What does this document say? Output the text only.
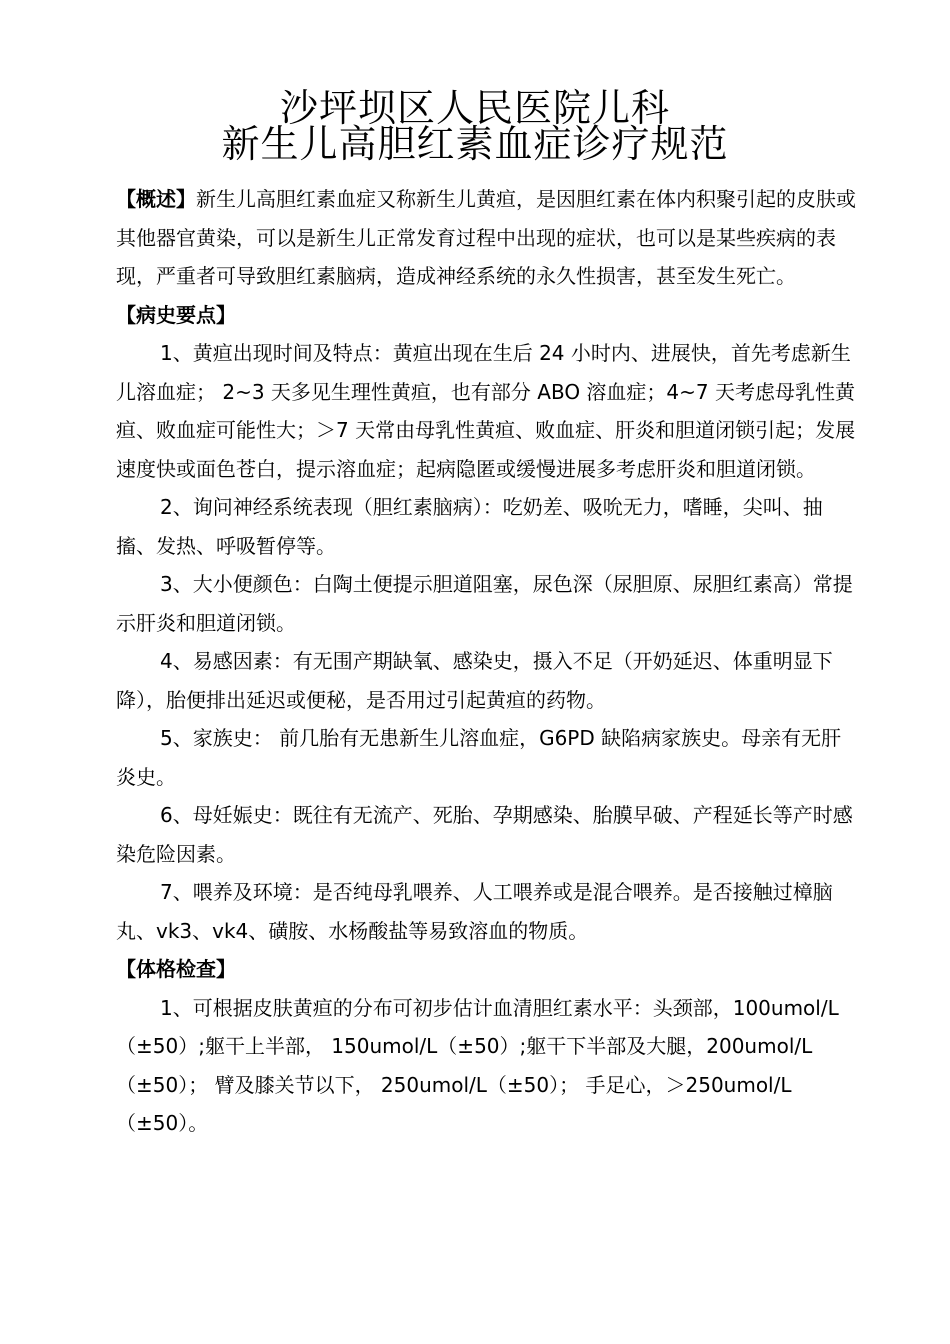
沙坪坝区人民医院儿科
新生儿高胆红素血症诊疗规范

【概述】新生儿高胆红素血症又称新生儿黄疸，是因胆红素在体内积聚引起的皮肤或其他器官黄染，可以是新生儿正常发育过程中出现的症状，也可以是某些疾病的表现，严重者可导致胆红素脑病，造成神经系统的永久性损害，甚至发生死亡。

【病史要点】

1、黄疸出现时间及特点：黄疸出现在生后 24 小时内、进展快，首先考虑新生儿溶血症； 2~3 天多见生理性黄疸，也有部分 ABO 溶血症；4~7 天考虑母乳性黄疸、败血症可能性大；＞7 天常由母乳性黄疸、败血症、肝炎和胆道闭锁引起；发展速度快或面色苍白，提示溶血症；起病隐匿或缓慢进展多考虑肝炎和胆道闭锁。

2、询问神经系统表现（胆红素脑病）：吃奶差、吸吮无力，嗜睡，尖叫、抽搐、发热、呼吸暂停等。

3、大小便颜色：白陶土便提示胆道阻塞，尿色深（尿胆原、尿胆红素高）常提示肝炎和胆道闭锁。

4、易感因素：有无围产期缺氧、感染史，摄入不足（开奶延迟、体重明显下降），胎便排出延迟或便秘，是否用过引起黄疸的药物。

5、家族史： 前几胎有无患新生儿溶血症，G6PD 缺陷病家族史。母亲有无肝炎史。

6、母妊娠史：既往有无流产、死胎、孕期感染、胎膜早破、产程延长等产时感染危险因素。

7、喂养及环境：是否纯母乳喂养、人工喂养或是混合喂养。是否接触过樟脑丸、vk3、vk4、磺胺、水杨酸盐等易致溶血的物质。

【体格检查】

1、可根据皮肤黄疸的分布可初步估计血清胆红素水平：头颈部，100umol/L（±50）;躯干上半部， 150umol/L（±50）;躯干下半部及大腿，200umol/L（±50）； 臂及膝关节以下， 250umol/L（±50）； 手足心，＞250umol/L（±50）。
